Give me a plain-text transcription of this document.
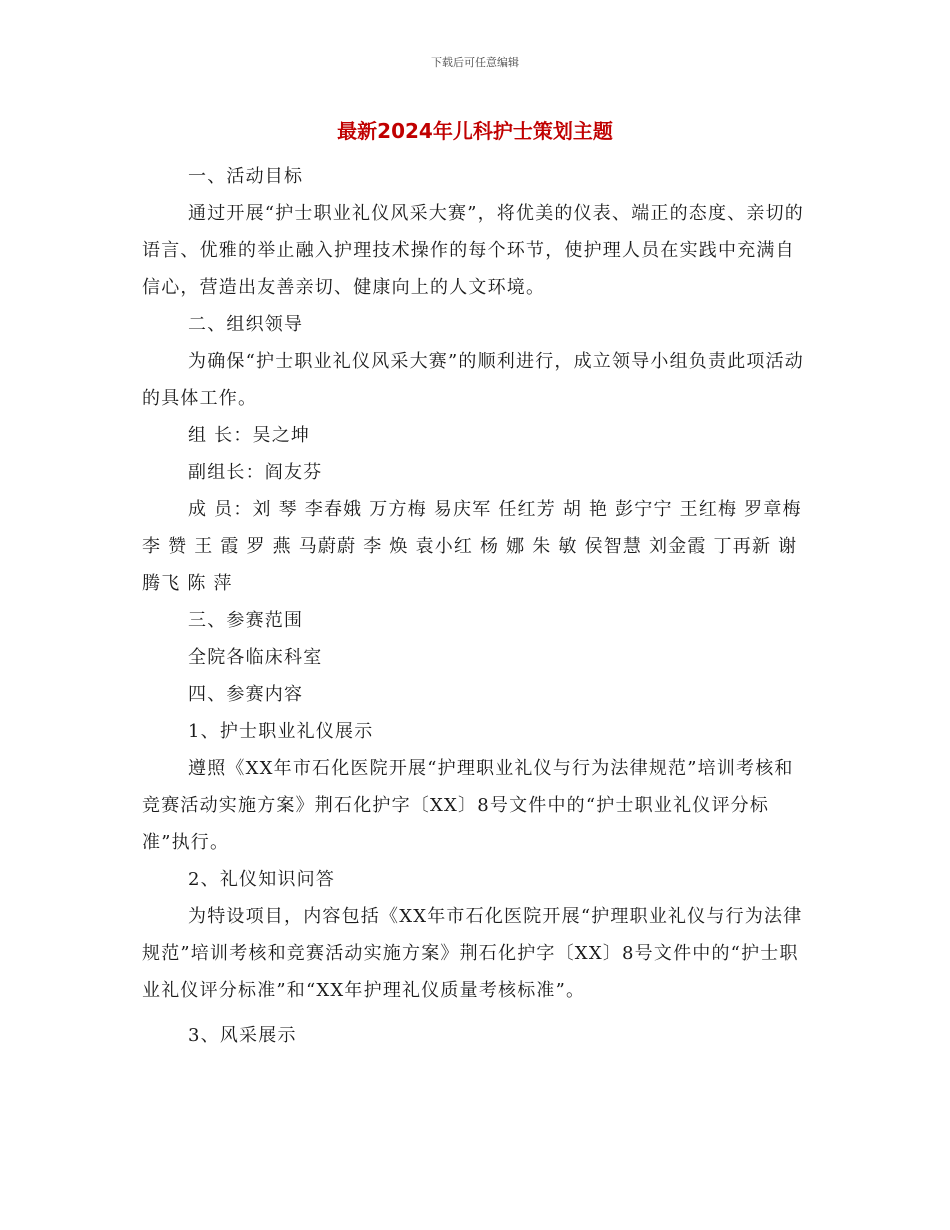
下载后可任意编辑
最新2024年儿科护士策划主题

一、活动目标

通过开展“护士职业礼仪风采大赛”，将优美的仪表、端正的态度、亲切的语言、优雅的举止融入护理技术操作的每个环节，使护理人员在实践中充满自信心，营造出友善亲切、健康向上的人文环境。

二、组织领导

为确保“护士职业礼仪风采大赛”的顺利进行，成立领导小组负责此项活动的具体工作。

组 长：吴之坤

副组长：阎友芬

成 员：刘 琴 李春娥 万方梅 易庆军 任红芳 胡 艳 彭宁宁 王红梅 罗章梅 李 赞 王 霞 罗 燕 马蔚蔚 李 焕 袁小红 杨 娜 朱 敏 侯智慧 刘金霞 丁再新 谢腾飞 陈 萍

三、参赛范围

全院各临床科室

四、参赛内容

1、护士职业礼仪展示

遵照《XX年市石化医院开展“护理职业礼仪与行为法律规范”培训考核和竞赛活动实施方案》荆石化护字〔XX〕8号文件中的“护士职业礼仪评分标准”执行。

2、礼仪知识问答

为特设项目，内容包括《XX年市石化医院开展“护理职业礼仪与行为法律规范”培训考核和竞赛活动实施方案》荆石化护字〔XX〕8号文件中的“护士职业礼仪评分标准”和“XX年护理礼仪质量考核标准”。

3、风采展示
